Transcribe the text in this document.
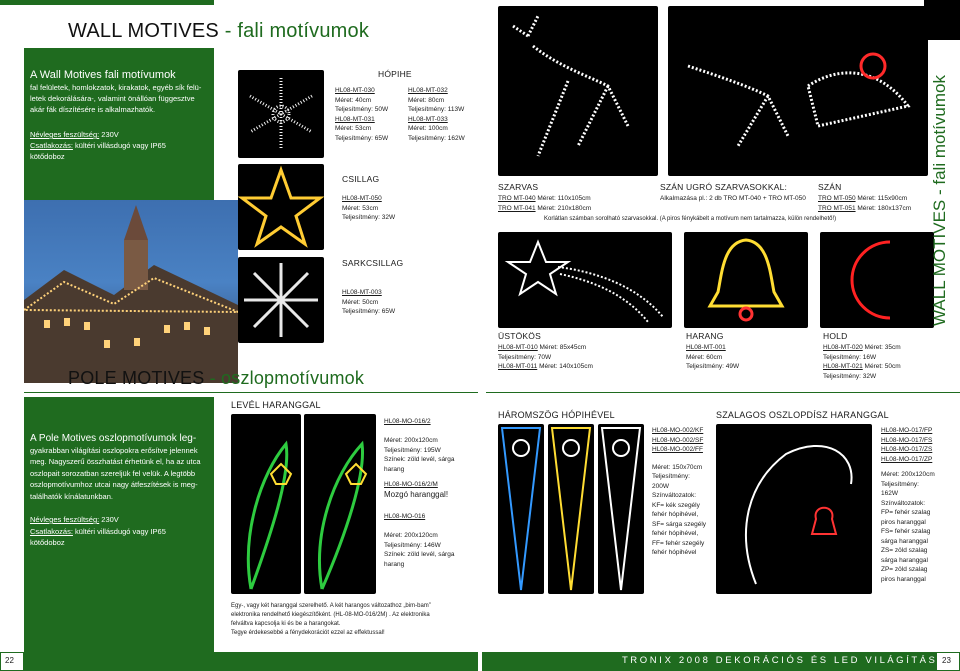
WALL MOTIVES - fali motívumok
A Wall Motives fali motívumok
fal felületek, homlokzatok, kirakatok, egyéb sík felü-
letek dekorálására-, valamint önállóan függesztve
akár fák díszítésére is alkalmazhatók.
Névleges feszültség: 230V
Csatlakozás: kültéri villásdugó vagy IP65
kötődoboz
HÓPIHE
HL08-MT-030
Méret: 40cm
Teljesítmény: 50W
HL08-MT-031
Méret: 53cm
Teljesítmény: 65W
HL08-MT-032
Méret: 80cm
Teljesítmény: 113W
HL08-MT-033
Méret: 100cm
Teljesítmény: 162W
CSILLAG
HL08-MT-050
Méret: 53cm
Teljesítmény: 32W
SARKCSILLAG
HL08-MT-003
Méret: 50cm
Teljesítmény: 65W
POLE MOTIVES - oszlopmotívumok
A Pole Motives oszlopmotívumok leg-
gyakrabban világítási oszlopokra erősítve jelennek
meg. Nagyszerű összhatást érhetünk el, ha az utca
oszlopait sorozatban szereljük fel velük. A legtöbb
oszlopmotívumhoz utcai nagy átfeszítések is meg-
találhatók kínálatunkban.
Névleges feszültség: 230V
Csatlakozás: kültéri villásdugó vagy IP65
kötődoboz
LEVÉL HARANGGAL
HL08-MO-016/2
Méret: 200x120cm
Teljesítmény: 195W
Színek: zöld levél, sárga
harang
HL08-MO-016/2/M
Mozgó haranggal!
HL08-MO-016
Méret: 200x120cm
Teljesítmény: 146W
Színek: zöld levél, sárga
harang
Egy-, vagy két haranggal szerelhető. A két harangos változathoz „bim-bam”
elektronika rendelhető kiegészítőként. (HL-08-MO-016/2M) . Az elektronika
felváltva kapcsolja ki és be a harangokat.
Tegye érdekesebbé a fénydekorációt ezzel az effektussal!
22
SZARVAS
TRO MT-040 Méret: 110x105cm
TRO MT-041 Méret: 210x180cm
SZÁN UGRÓ SZARVASOKKAL:
Alkalmazása pl.: 2 db TRO MT-040 + TRO MT-050
SZÁN
TRO MT-050 Méret: 115x90cm
TRO MT-051 Méret: 180x137cm
Korlátlan számban sorolható szarvasokkal. (A piros fénykábelt a motívum nem tartalmazza, külön rendelhető!)
ÜSTÖKÖS
HL08-MT-010 Méret: 85x45cm
Teljesítmény: 70W
HL08-MT-011 Méret: 140x105cm
HARANG
HL08-MT-001
Méret: 60cm
Teljesítmény: 49W
HOLD
HL08-MT-020 Méret: 35cm
Teljesítmény: 16W
HL08-MT-021 Méret: 50cm
Teljesítmény: 32W
WALL MOTIVES - fali motívumok
HÁROMSZÖG HÓPIHÉVEL
HL08-MO-002/KF
HL08-MO-002/SF
HL08-MO-002/FF
Méret: 150x70cm
Teljesítmény:
200W
Színváltozatok:
KF= kék szegély
fehér hópihével,
SF= sárga szegély
fehér hópihével,
FF= fehér szegély
fehér hópihével
SZALAGOS OSZLOPDÍSZ HARANGGAL
HL08-MO-017/FP
HL08-MO-017/FS
HL08-MO-017/ZS
HL08-MO-017/ZP
Méret: 200x120cm
Teljesítmény:
162W
Színváltozatok:
FP= fehér szalag
piros haranggal
FS= fehér szalag
sárga haranggal
ZS= zöld szalag
sárga haranggal
ZP= zöld szalag
piros haranggal
T R O N I X   2 0 0 8   D E K O R Á C I Ó S   É S   L E D   V I L Á G Í T Á S 23
